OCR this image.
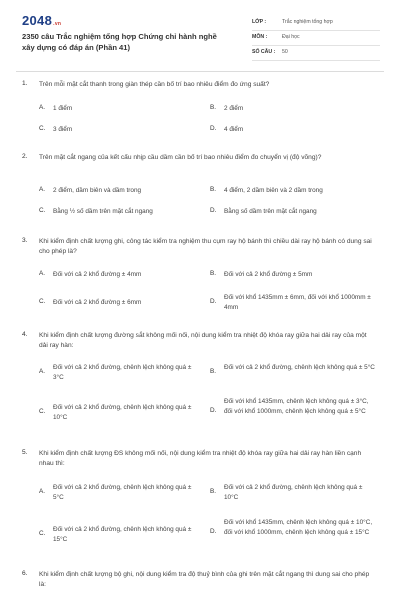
2048.vn
2350 câu Trắc nghiệm tổng hợp Chứng chỉ hành nghề xây dựng có đáp án (Phần 41)
LỚP :	Trắc nghiệm tổng hợp
MÔN :	Đại học
SỐ CÂU : 50
1. Trên mỗi mặt cắt thanh trong giàn thép cần bố trí bao nhiêu điểm đo ứng suất?
A. 1 điểm	B. 2 điểm
C. 3 điểm	D. 4 điểm
2. Trên mặt cắt ngang của kết cấu nhịp cầu dầm cần bố trí bao nhiêu điểm đo chuyển vị (độ võng)?
A. 2 điểm, dầm biên và dầm trong	B. 4 điểm, 2 dầm biên và 2 dầm trong
C. Bằng ½ số dầm trên mặt cắt ngang	D. Bằng số dầm trên mặt cắt ngang
3. Khi kiểm định chất lượng ghi, công tác kiểm tra nghiệm thu cụm ray hộ bánh thì chiều dài ray hộ bánh có dung sai cho phép là?
A. Đối với cả 2 khổ đường ± 4mm	B. Đối với cả 2 khổ đường ± 5mm
C. Đối với cả 2 khổ đường ± 6mm	D.
Đối với khổ 1435mm ± 6mm, đối với khổ 1000mm ± 4mm
4. Khi kiểm định chất lượng đường sắt không mối nối, nội dung kiểm tra nhiệt độ khóa ray giữa hai dải ray của một dải ray hàn:
A.
Đối với cả 2 khổ đường, chênh lệch không quá ± 3°C
B.
Đối với cả 2 khổ đường, chênh lệch không quá ± 5°C
C.
Đối với cả 2 khổ đường, chênh lệch không quá ± 10°C
D.
Đối với khổ 1435mm, chênh lệch không quá ± 3°C, đối với khổ 1000mm, chênh lệch không quá ± 5°C
5. Khi kiểm định chất lượng ĐS không mối nối, nội dung kiểm tra nhiệt độ khóa ray giữa hai dải ray hàn liền cạnh nhau thì:
A.
Đối với cả 2 khổ đường, chênh lệch không quá ± 5°C
B.
Đối với cả 2 khổ đường, chênh lệch không quá ± 10°C
C.
Đối với cả 2 khổ đường, chênh lệch không quá ± 15°C
D.
Đối với khổ 1435mm, chênh lệch không quá ± 10°C, đối với khổ 1000mm, chênh lệch không quá ± 15°C
6. Khi kiểm định chất lượng bộ ghi, nội dung kiểm tra độ thuỷ bình của ghi trên mặt cắt ngang thì dung sai cho phép là:
